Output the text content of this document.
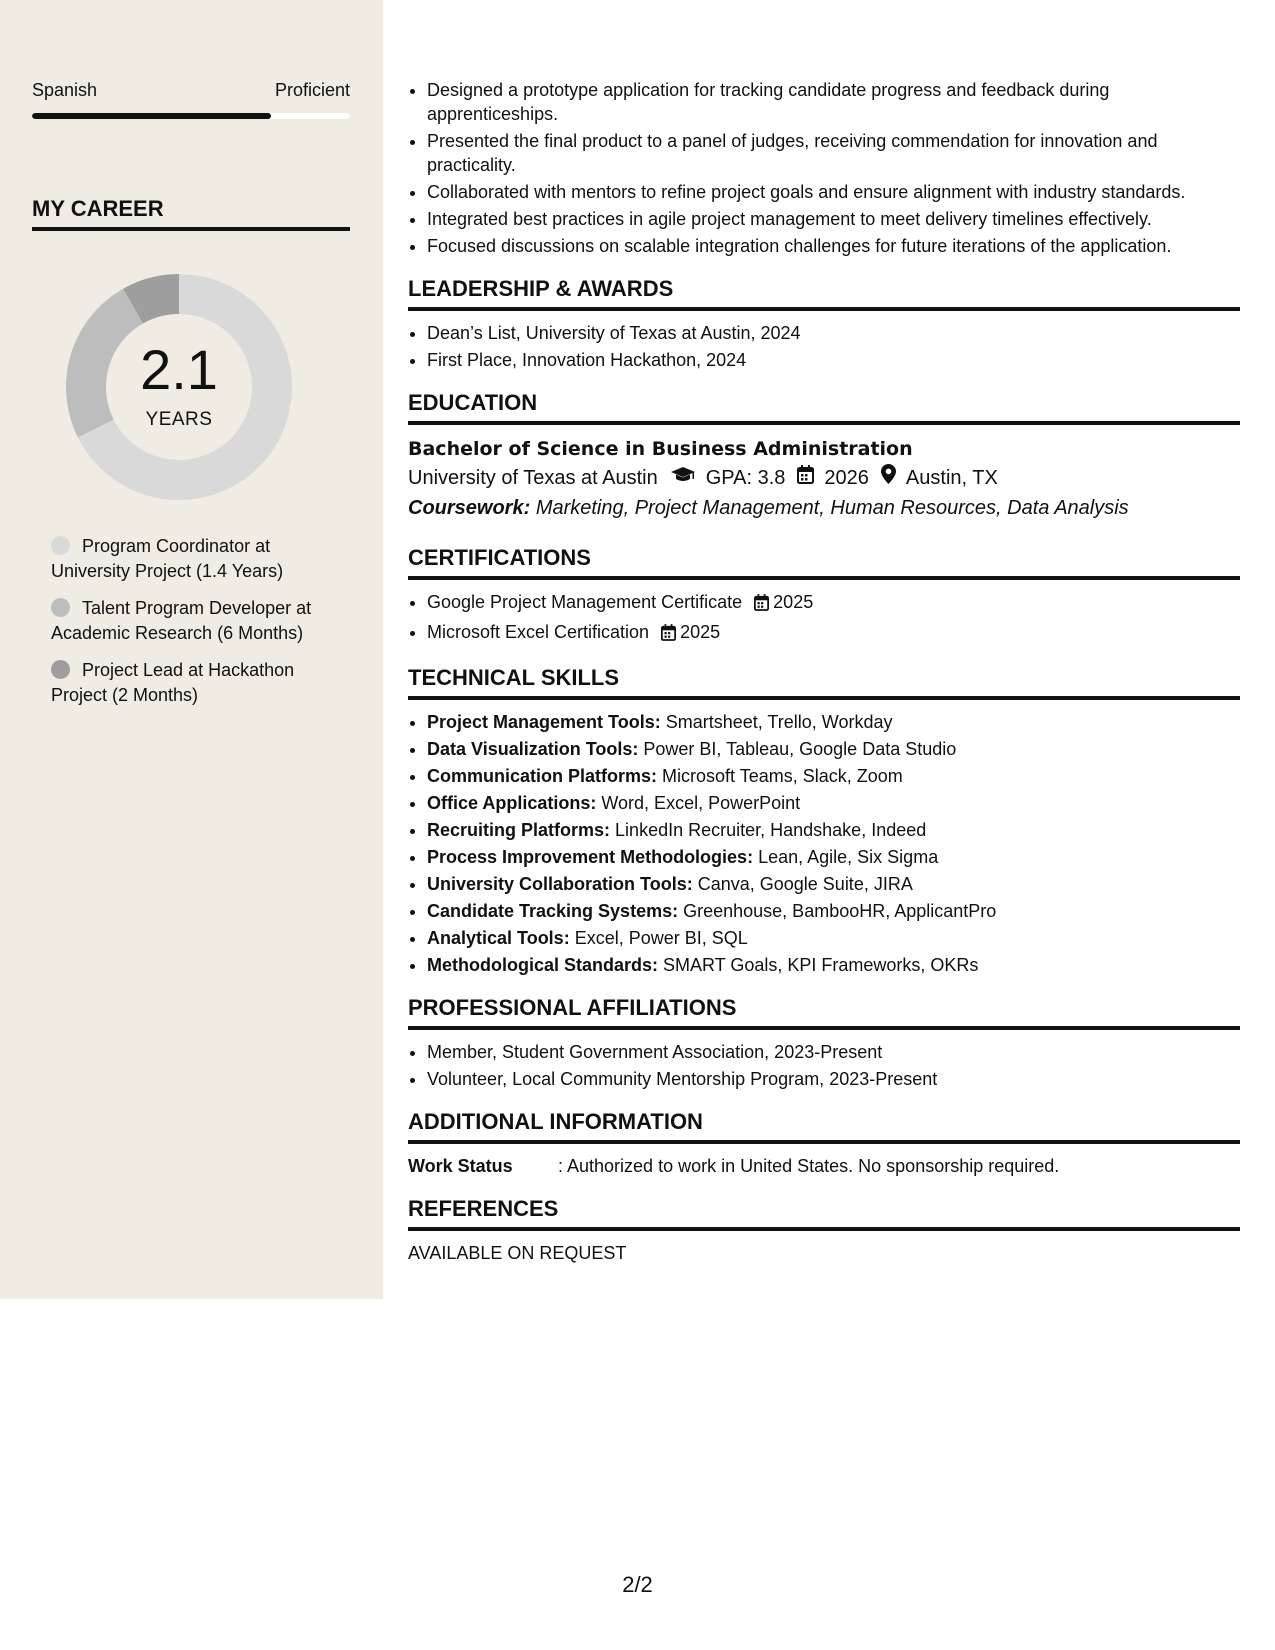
Spanish	Proficient
MY CAREER
2.1
YEARS
Program Coordinator at University Project (1.4 Years)
Talent Program Developer at Academic Research (6 Months)
Project Lead at Hackathon Project (2 Months)
• Designed a prototype application for tracking candidate progress and feedback during apprenticeships.
• Presented the final product to a panel of judges, receiving commendation for innovation and practicality.
• Collaborated with mentors to refine project goals and ensure alignment with industry standards.
• Integrated best practices in agile project management to meet delivery timelines effectively.
• Focused discussions on scalable integration challenges for future iterations of the application.
LEADERSHIP & AWARDS
• Dean’s List, University of Texas at Austin, 2024
• First Place, Innovation Hackathon, 2024
EDUCATION
Bachelor of Science in Business Administration
University of Texas at Austin GPA: 3.8 2026 Austin, TX
Coursework: Marketing, Project Management, Human Resources, Data Analysis
CERTIFICATIONS
• Google Project Management Certificate 2025
• Microsoft Excel Certification 2025
TECHNICAL SKILLS
• Project Management Tools: Smartsheet, Trello, Workday
• Data Visualization Tools: Power BI, Tableau, Google Data Studio
• Communication Platforms: Microsoft Teams, Slack, Zoom
• Office Applications: Word, Excel, PowerPoint
• Recruiting Platforms: LinkedIn Recruiter, Handshake, Indeed
• Process Improvement Methodologies: Lean, Agile, Six Sigma
• University Collaboration Tools: Canva, Google Suite, JIRA
• Candidate Tracking Systems: Greenhouse, BambooHR, ApplicantPro
• Analytical Tools: Excel, Power BI, SQL
• Methodological Standards: SMART Goals, KPI Frameworks, OKRs
PROFESSIONAL AFFILIATIONS
• Member, Student Government Association, 2023-Present
• Volunteer, Local Community Mentorship Program, 2023-Present
ADDITIONAL INFORMATION
Work Status	: Authorized to work in United States. No sponsorship required.
REFERENCES
AVAILABLE ON REQUEST
2/2
